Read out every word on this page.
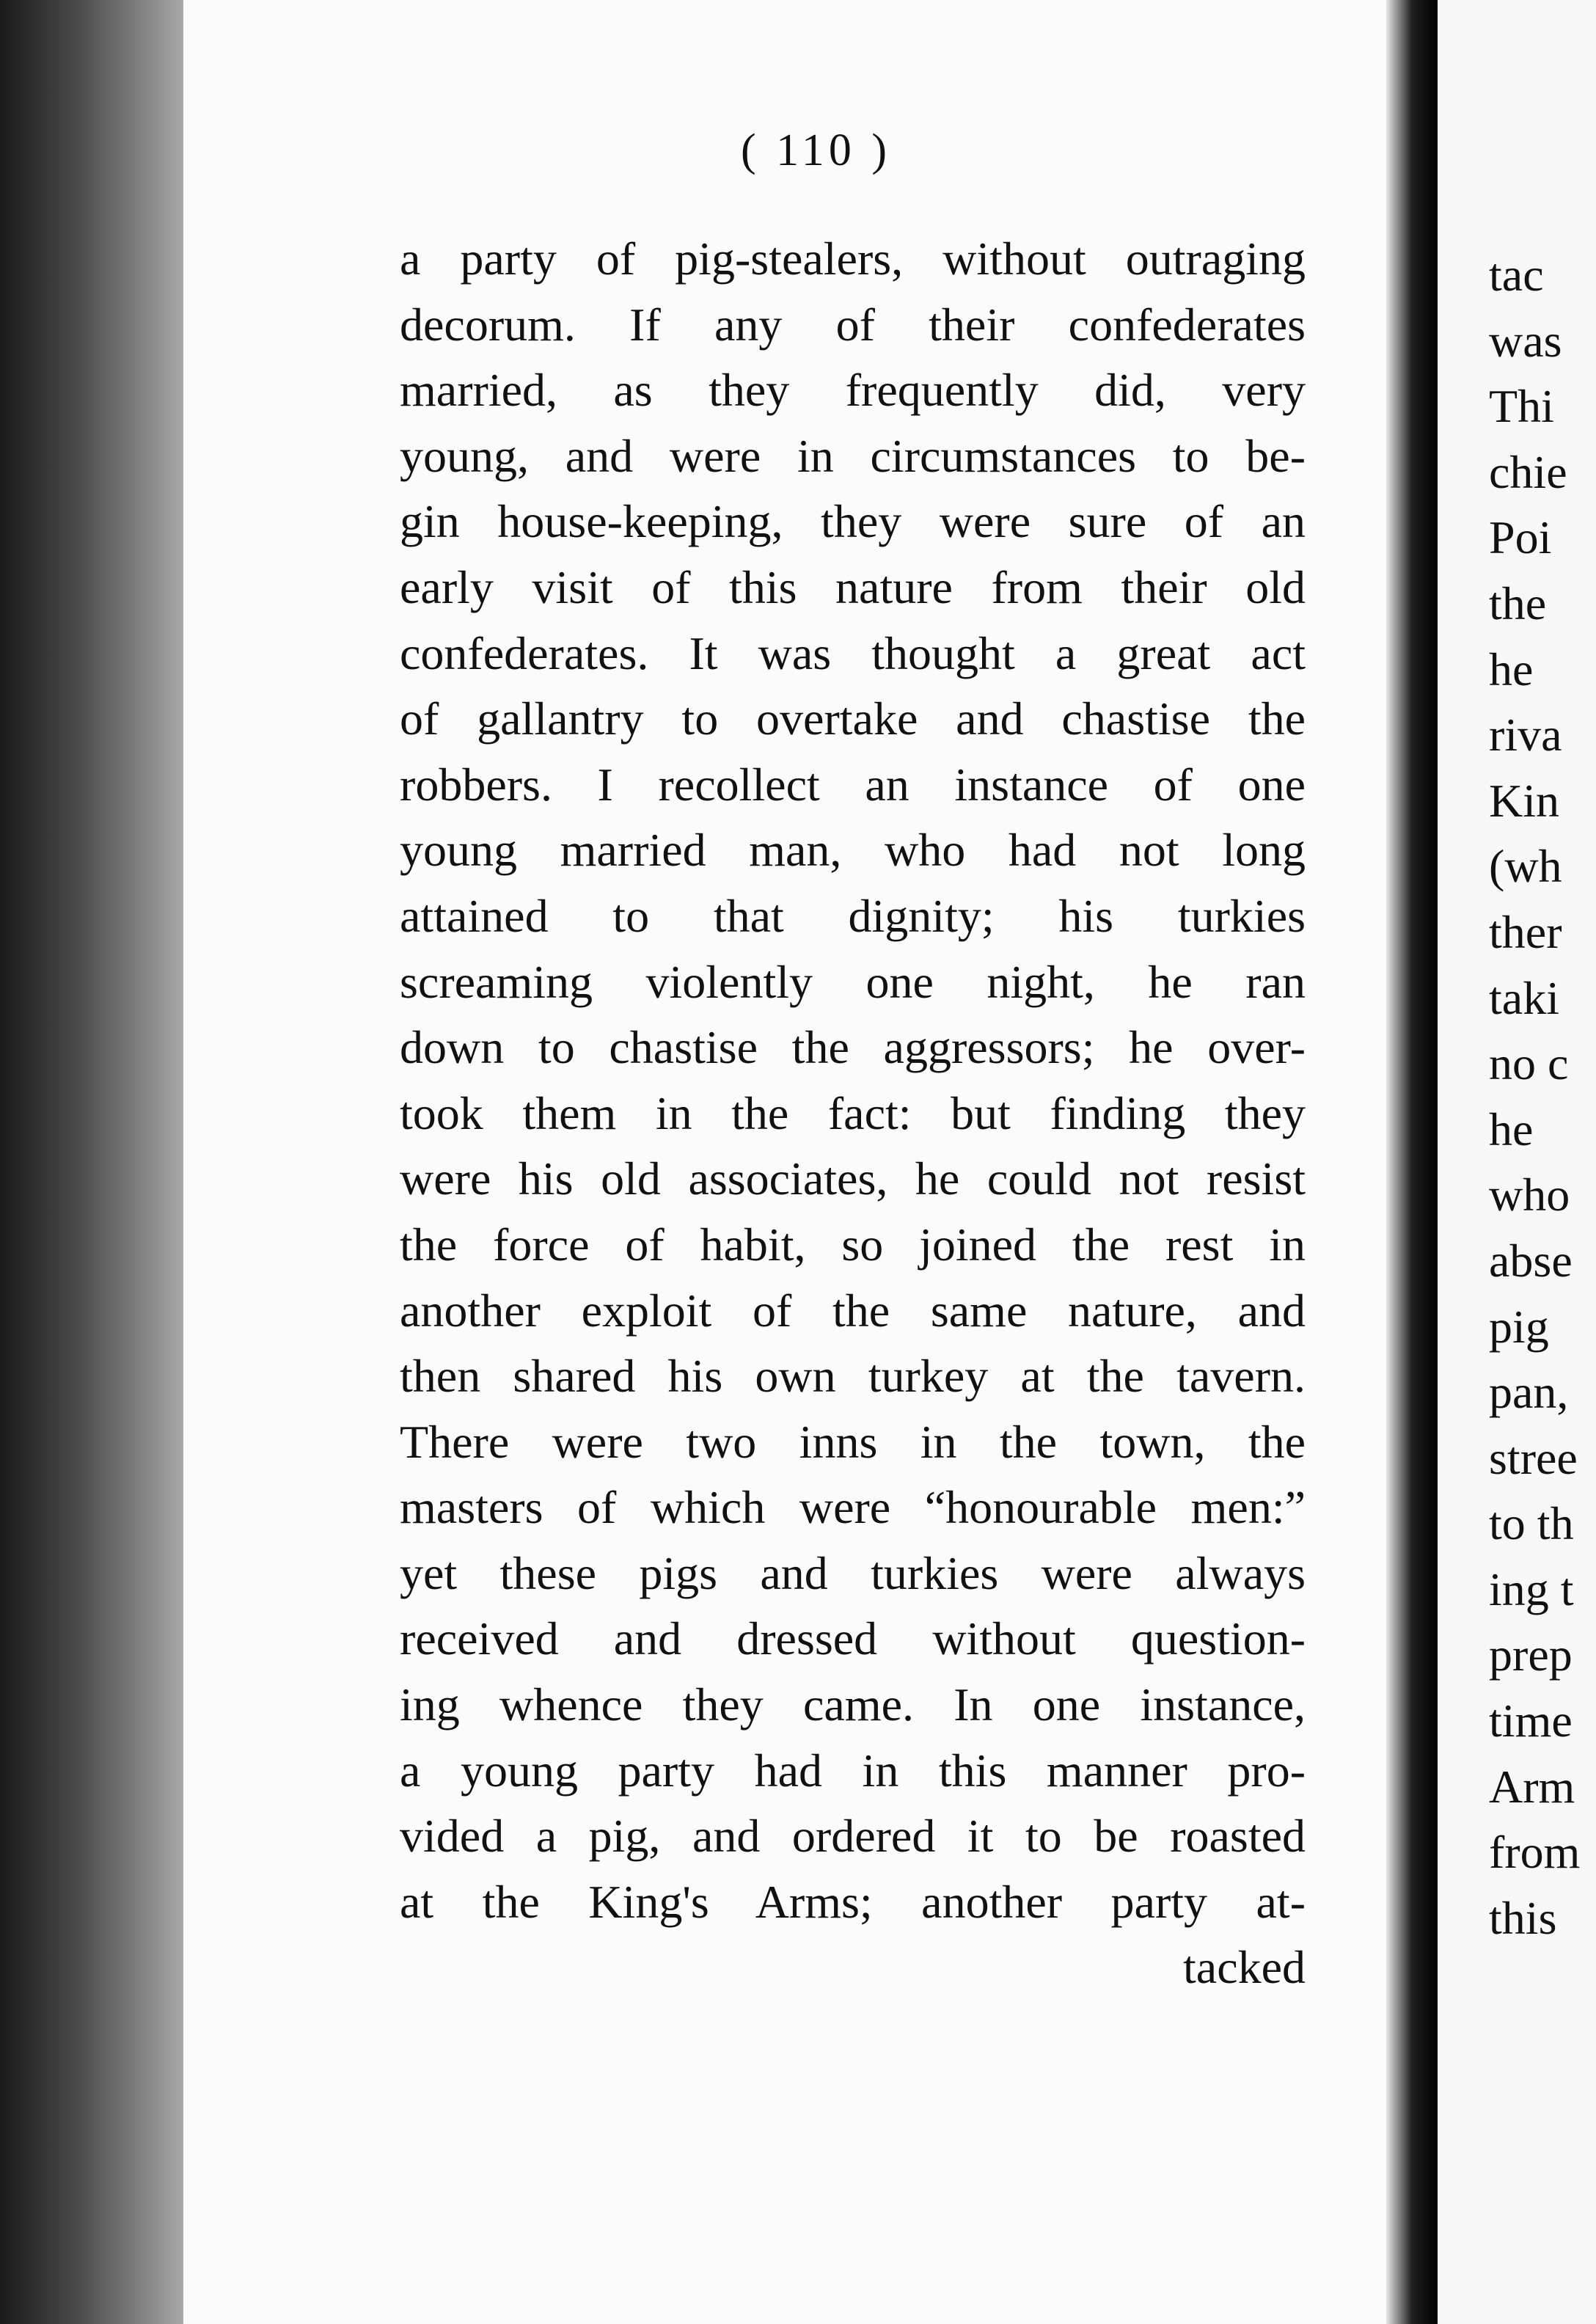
( 110 )
a party of pig-stealers, without outraging
decorum. If any of their confederates
married, as they frequently did, very
young, and were in circumstances to be-
gin house-keeping, they were sure of an
early visit of this nature from their old
confederates. It was thought a great act
of gallantry to overtake and chastise the
robbers. I recollect an instance of one
young married man, who had not long
attained to that dignity; his turkies
screaming violently one night, he ran
down to chastise the aggressors; he over-
took them in the fact: but finding they
were his old associates, he could not resist
the force of habit, so joined the rest in
another exploit of the same nature, and
then shared his own turkey at the tavern.
There were two inns in the town, the
masters of which were “honourable men:”
yet these pigs and turkies were always
received and dressed without question-
ing whence they came. In one instance,
a young party had in this manner pro-
vided a pig, and ordered it to be roasted
at the King's Arms; another party at-
tacked
tac
was
Thi
chie
Poi
the
he
riva
Kin
(wh
ther
taki
no c
he
who
abse
pig
pan,
stree
to th
ing t
prep
time
Arm
from
this
